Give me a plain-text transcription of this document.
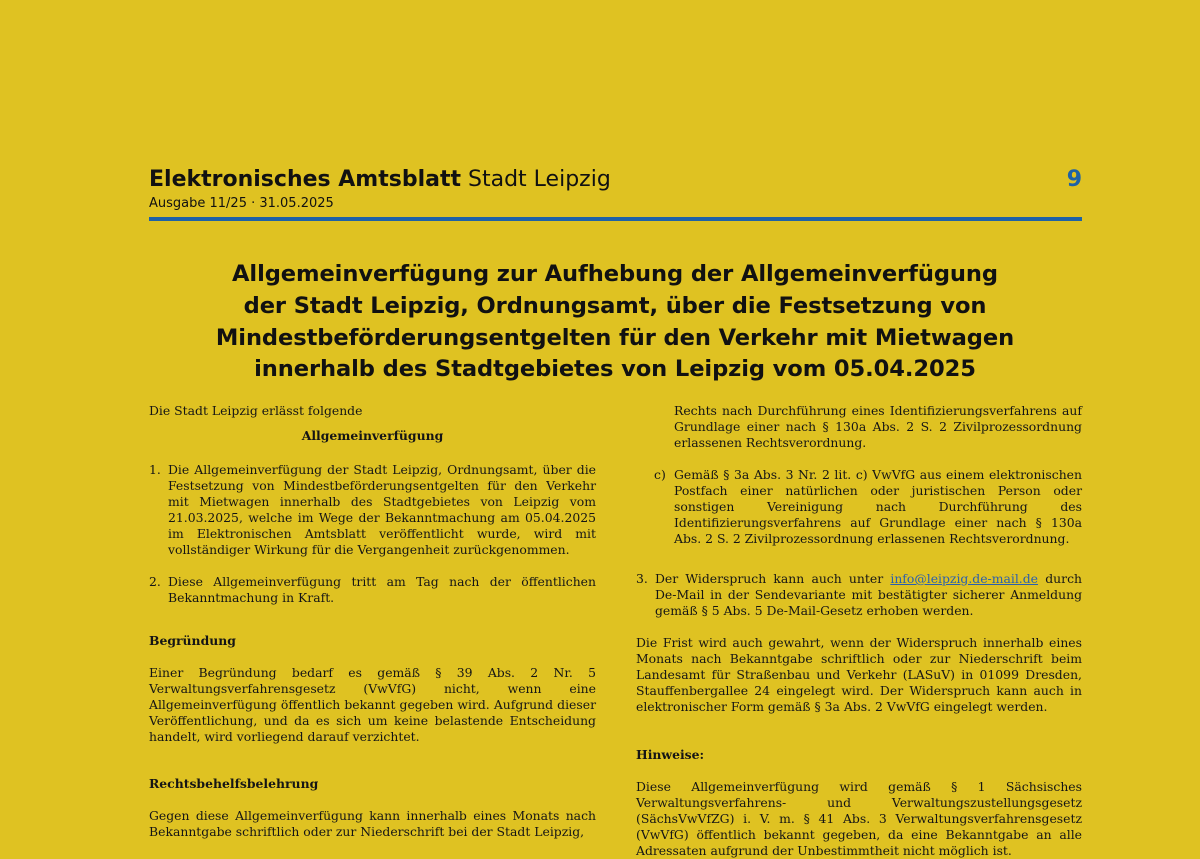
Elektronisches Amtsblatt Stadt Leipzig	9
Ausgabe 11/25 · 31.05.2025
Allgemeinverfügung zur Aufhebung der Allgemeinverfügung
der Stadt Leipzig, Ordnungsamt, über die Festsetzung von
Mindestbeförderungsentgelten für den Verkehr mit Mietwagen
innerhalb des Stadtgebietes von Leipzig vom 05.04.2025

Die Stadt Leipzig erlässt folgende

Allgemeinverfügung

1. Die Allgemeinverfügung der Stadt Leipzig, Ordnungsamt, über die Festsetzung von Mindestbeförderungsentgelten für den Verkehr mit Mietwagen innerhalb des Stadtgebietes von Leipzig vom 21.03.2025, welche im Wege der Bekanntmachung am 05.04.2025 im Elektronischen Amtsblatt veröffentlicht wurde, wird mit vollständiger Wirkung für die Vergangenheit zurückgenommen.

2. Diese Allgemeinverfügung tritt am Tag nach der öffentlichen Bekanntmachung in Kraft.

Begründung

Einer Begründung bedarf es gemäß § 39 Abs. 2 Nr. 5 Verwaltungsverfahrensgesetz (VwVfG) nicht, wenn eine Allgemeinverfügung öffentlich bekannt gegeben wird. Aufgrund dieser Veröffentlichung, und da es sich um keine belastende Entscheidung handelt, wird vorliegend darauf verzichtet.

Rechtsbehelfsbelehrung

Gegen diese Allgemeinverfügung kann innerhalb eines Monats nach Bekanntgabe schriftlich oder zur Niederschrift bei der Stadt Leipzig,

Rechts nach Durchführung eines Identifizierungsverfahrens auf Grundlage einer nach § 130a Abs. 2 S. 2 Zivilprozessordnung erlassenen Rechtsverordnung.

c) Gemäß § 3a Abs. 3 Nr. 2 lit. c) VwVfG aus einem elektronischen Postfach einer natürlichen oder juristischen Person oder sonstigen Vereinigung nach Durchführung des Identifizierungsverfahrens auf Grundlage einer nach § 130a Abs. 2 S. 2 Zivilprozessordnung erlassenen Rechtsverordnung.

3. Der Widerspruch kann auch unter info@leipzig.de-mail.de durch De-Mail in der Sendevariante mit bestätigter sicherer Anmeldung gemäß § 5 Abs. 5 De-Mail-Gesetz erhoben werden.

Die Frist wird auch gewahrt, wenn der Widerspruch innerhalb eines Monats nach Bekanntgabe schriftlich oder zur Niederschrift beim Landesamt für Straßenbau und Verkehr (LASuV) in 01099 Dresden, Stauffenbergallee 24 eingelegt wird. Der Widerspruch kann auch in elektronischer Form gemäß § 3a Abs. 2 VwVfG eingelegt werden.

Hinweise:

Diese Allgemeinverfügung wird gemäß § 1 Sächsisches Verwaltungsverfahrens- und Verwaltungszustellungsgesetz (SächsVwVfZG) i. V. m. § 41 Abs. 3 Verwaltungsverfahrensgesetz (VwVfG) öffentlich bekannt gegeben, da eine Bekanntgabe an alle Adressaten aufgrund der Unbestimmtheit nicht möglich ist.
